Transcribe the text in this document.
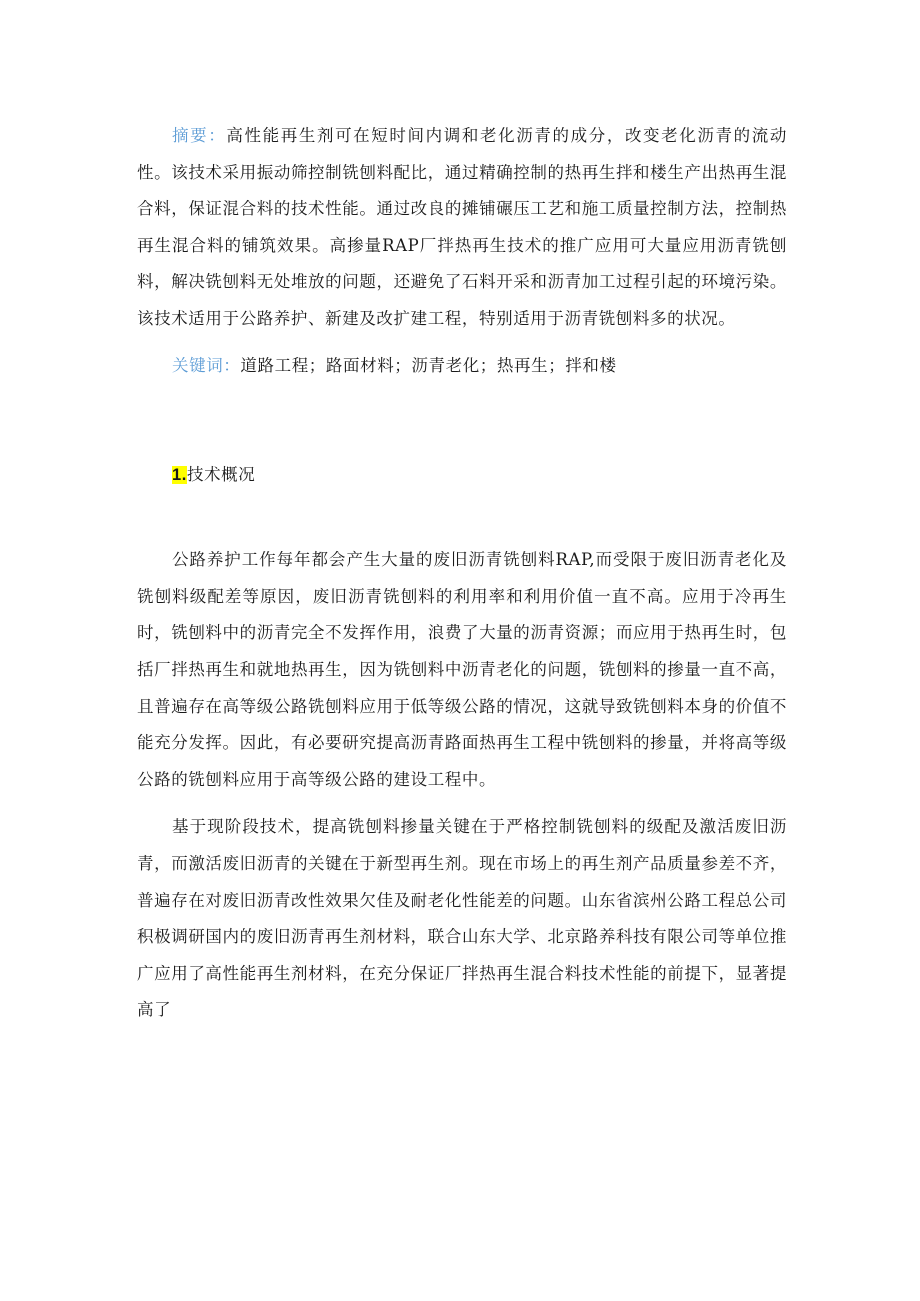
摘要：高性能再生剂可在短时间内调和老化沥青的成分，改变老化沥青的流动性。该技术采用振动筛控制铣刨料配比，通过精确控制的热再生拌和楼生产出热再生混合料，保证混合料的技术性能。通过改良的摊铺碾压工艺和施工质量控制方法，控制热再生混合料的铺筑效果。高掺量RAP厂拌热再生技术的推广应用可大量应用沥青铣刨料，解决铣刨料无处堆放的问题，还避免了石料开采和沥青加工过程引起的环境污染。该技术适用于公路养护、新建及改扩建工程，特别适用于沥青铣刨料多的状况。

关键词：道路工程；路面材料；沥青老化；热再生；拌和楼

1.技术概况

公路养护工作每年都会产生大量的废旧沥青铣刨料RAP,而受限于废旧沥青老化及铣刨料级配差等原因，废旧沥青铣刨料的利用率和利用价值一直不高。应用于冷再生时，铣刨料中的沥青完全不发挥作用，浪费了大量的沥青资源；而应用于热再生时，包括厂拌热再生和就地热再生，因为铣刨料中沥青老化的问题，铣刨料的掺量一直不高，且普遍存在高等级公路铣刨料应用于低等级公路的情况，这就导致铣刨料本身的价值不能充分发挥。因此，有必要研究提高沥青路面热再生工程中铣刨料的掺量，并将高等级公路的铣刨料应用于高等级公路的建设工程中。

基于现阶段技术，提高铣刨料掺量关键在于严格控制铣刨料的级配及激活废旧沥青，而激活废旧沥青的关键在于新型再生剂。现在市场上的再生剂产品质量参差不齐，普遍存在对废旧沥青改性效果欠佳及耐老化性能差的问题。山东省滨州公路工程总公司积极调研国内的废旧沥青再生剂材料，联合山东大学、北京路养科技有限公司等单位推广应用了高性能再生剂材料，在充分保证厂拌热再生混合料技术性能的前提下，显著提高了
